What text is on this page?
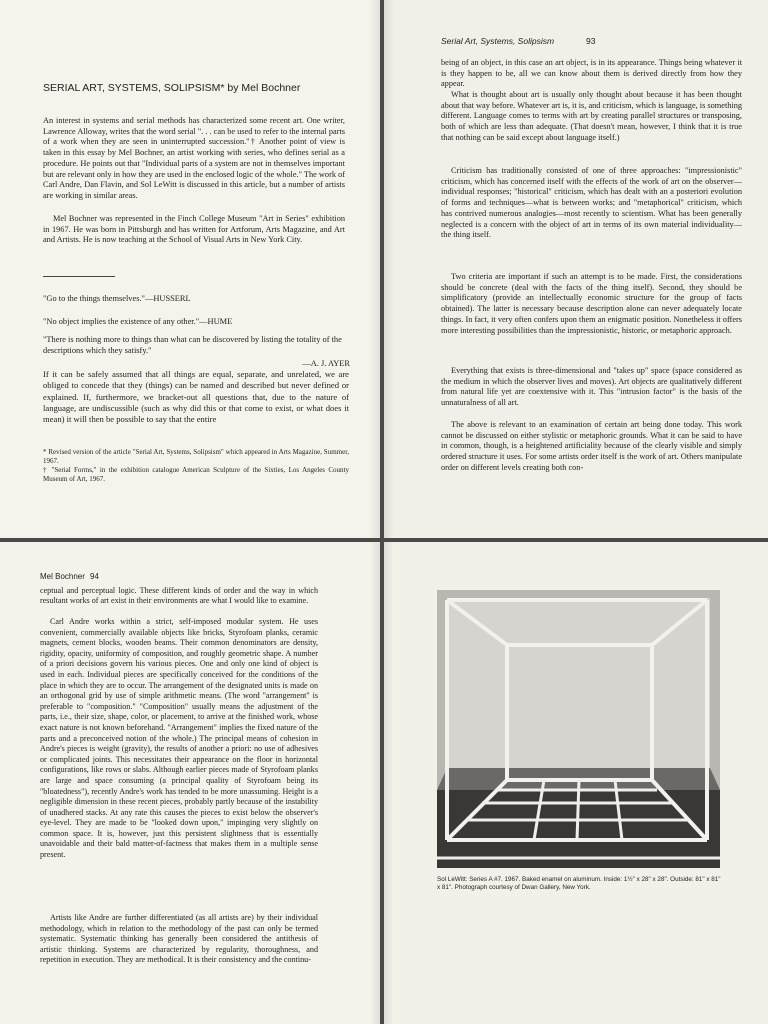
SERIAL ART, SYSTEMS, SOLIPSISM* by Mel Bochner

An interest in systems and serial methods has characterized some recent art. One writer, Lawrence Alloway, writes that the word serial ". . . can be used to refer to the internal parts of a work when they are seen in uninterrupted succession."† Another point of view is taken in this essay by Mel Bochner, an artist working with series, who defines serial as a procedure. He points out that "Individual parts of a system are not in themselves important but are relevant only in how they are used in the enclosed logic of the whole." The work of Carl Andre, Dan Flavin, and Sol LeWitt is discussed in this article, but a number of artists are working in similar areas.

Mel Bochner was represented in the Finch College Museum "Art in Series" exhibition in 1967. He was born in Pittsburgh and has written for Artforum, Arts Magazine, and Art and Artists. He is now teaching at the School of Visual Arts in New York City.

"Go to the things themselves."—HUSSERL

"No object implies the existence of any other."—HUME

"There is nothing more to things than what can be discovered by listing the totality of the descriptions which they satisfy."

—A. J. AYER

If it can be safely assumed that all things are equal, separate, and unrelated, we are obliged to concede that they (things) can be named and described but never defined or explained. If, furthermore, we bracket-out all questions that, due to the nature of language, are undiscussible (such as why did this or that come to exist, or what does it mean) it will then be possible to say that the entire

* Revised version of the article "Serial Art, Systems, Solipsism" which appeared in Arts Magazine, Summer, 1967.

† "Serial Forms," in the exhibition catalogue American Sculpture of the Sixties, Los Angeles County Museum of Art, 1967.

Serial Art, Systems, Solipsism	93

being of an object, in this case an art object, is in its appearance. Things being whatever it is they happen to be, all we can know about them is derived directly from how they appear.

What is thought about art is usually only thought about because it has been thought about that way before. Whatever art is, it is, and criticism, which is language, is something different. Language comes to terms with art by creating parallel structures or transposing, both of which are less than adequate. (That doesn't mean, however, I think that it is true that nothing can be said except about language itself.)

Criticism has traditionally consisted of one of three approaches: "impressionistic" criticism, which has concerned itself with the effects of the work of art on the observer—individual responses; "historical" criticism, which has dealt with an a posteriori evolution of forms and techniques—what is between works; and "metaphorical" criticism, which has contrived numerous analogies—most recently to scientism. What has been generally neglected is a concern with the object of art in terms of its own material individuality—the thing itself.

Two criteria are important if such an attempt is to be made. First, the considerations should be concrete (deal with the facts of the thing itself). Second, they should be simplificatory (provide an intellectually economic structure for the group of facts obtained). The latter is necessary because description alone can never adequately locate things. In fact, it very often confers upon them an enigmatic position. Nonetheless it offers more interesting possibilities than the impressionistic, historic, or metaphoric approach.

Everything that exists is three-dimensional and "takes up" space (space considered as the medium in which the observer lives and moves). Art objects are qualitatively different from natural life yet are coextensive with it. This "intrusion factor" is the basis of the unnaturalness of all art.

The above is relevant to an examination of certain art being done today. This work cannot be discussed on either stylistic or metaphoric grounds. What it can be said to have in common, though, is a heightened artificiality because of the clearly visible and simply ordered structure it uses. For some artists order itself is the work of art. Others manipulate order on different levels creating both con-

Mel Bochner 94

ceptual and perceptual logic. These different kinds of order and the way in which resultant works of art exist in their environments are what I would like to examine.

Carl Andre works within a strict, self-imposed modular system. He uses convenient, commercially available objects like bricks, Styrofoam planks, ceramic magnets, cement blocks, wooden beams. Their common denominators are density, rigidity, opacity, uniformity of composition, and roughly geometric shape. A number of a priori decisions govern his various pieces. One and only one kind of object is used in each. Individual pieces are specifically conceived for the conditions of the place in which they are to occur. The arrangement of the designated units is made on an orthogonal grid by use of simple arithmetic means. (The word "arrangement" is preferable to "composition." "Composition" usually means the adjustment of the parts, i.e., their size, shape, color, or placement, to arrive at the finished work, whose exact nature is not known beforehand. "Arrangement" implies the fixed nature of the parts and a preconceived notion of the whole.) The principal means of cohesion in Andre's pieces is weight (gravity), the results of another a priori: no use of adhesives or complicated joints. This necessitates their appearance on the floor in horizontal configurations, like rows or slabs. Although earlier pieces made of Styrofoam planks are large and space consuming (a principal quality of Styrofoam being its "bloatedness"), recently Andre's work has tended to be more unassuming. Height is a negligible dimension in these recent pieces, probably partly because of the instability of unadhered stacks. At any rate this causes the pieces to exist below the observer's eye-level. They are made to be "looked down upon," impinging very slightly on common space. It is, however, just this persistent slightness that is essentially unavoidable and their bald matter-of-factness that makes them in a multiple sense present.

Artists like Andre are further differentiated (as all artists are) by their individual methodology, which in relation to the methodology of the past can only be termed systematic. Systematic thinking has generally been considered the antithesis of artistic thinking. Systems are characterized by regularity, thoroughness, and repetition in execution. They are methodical. It is their consistency and the continu-

Sol LeWitt: Series A #7. 1967. Baked enamel on aluminum. Inside: 1½" x 28" x 28". Outside: 81" x 81" x 81". Photograph courtesy of Dwan Gallery, New York.
